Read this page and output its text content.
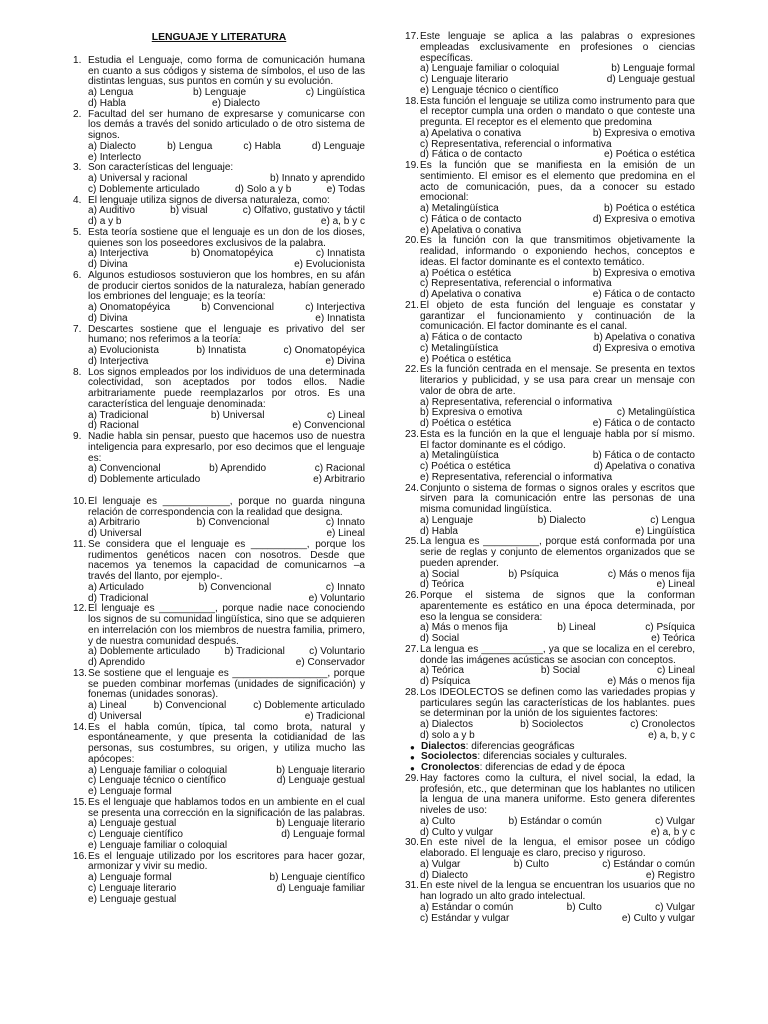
LENGUAJE Y LITERATURA
1. Estudia el Lenguaje, como forma de comunicación humana en cuanto a sus códigos y sistema de símbolos, el uso de las distintas lenguas, sus puntos en común y su evolución.
a) Lengua	b) Lenguaje	c) Lingüística
d) Habla	e) Dialecto
2. Facultad del ser humano de expresarse y comunicarse con los demás a través del sonido articulado o de otro sistema de signos.
a) Dialecto	b) Lengua	c) Habla	d) Lenguaje
e) Interlecto
3. Son características del lenguaje:
a) Universal y racional	b) Innato y aprendido
c) Doblemente articulado	d) Solo a y b	e) Todas
4. El lenguaje utiliza signos de diversa naturaleza, como:
a) Auditivo	b) visual	c) Olfativo, gustativo y táctil
d) a y b	e) a, b y c
5. Esta teoría sostiene que el lenguaje es un don de los dioses, quienes son los poseedores exclusivos de la palabra.
a) Interjectiva	b) Onomatopéyica	c) Innatista
d) Divina	e) Evolucionista
6. Algunos estudiosos sostuvieron que los hombres, en su afán de producir ciertos sonidos de la naturaleza, habían generado los embriones del lenguaje; es la teoría:
a) Onomatopéyica	b) Convencional	c) Interjectiva
d) Divina	e) Innatista
7. Descartes sostiene que el lenguaje es privativo del ser humano; nos referimos a la teoría:
a) Evolucionista	b) Innatista	c) Onomatopéyica
d) Interjectiva	e) Divina
8. Los signos empleados por los individuos de una determinada colectividad, son aceptados por todos ellos. Nadie arbitrariamente puede reemplazarlos por otros. Es una característica del lenguaje denominada:
a) Tradicional	b) Universal	c) Lineal
d) Racional	e) Convencional
9. Nadie habla sin pensar, puesto que hacemos uso de nuestra inteligencia para expresarlo, por eso decimos que el lenguaje es:
a) Convencional	b) Aprendido	c) Racional
d) Doblemente articulado	e) Arbitrario
10. El lenguaje es ____________, porque no guarda ninguna relación de correspondencia con la realidad que designa.
a) Arbitrario	b) Convencional	c) Innato
d) Universal	e) Lineal
11. Se considera que el lenguaje es __________, porque los rudimentos genéticos nacen con nosotros. Desde que nacemos ya tenemos la capacidad de comunicarnos –a través del llanto, por ejemplo-.
a) Articulado	b) Convencional	c) Innato
d) Tradicional	e) Voluntario
12. El lenguaje es __________, porque nadie nace conociendo los signos de su comunidad lingüística, sino que se adquieren en interrelación con los miembros de nuestra familia, primero, y de nuestra comunidad después.
a) Doblemente articulado b) Tradicional c) Voluntario
d) Aprendido	e) Conservador
13. Se sostiene que el lenguaje es _________________, porque se pueden combinar morfemas (unidades de significación) y fonemas (unidades sonoras).
a) Lineal	b) Convencional	c) Doblemente articulado
d) Universal	e) Tradicional
14. Es el habla común, típica, tal como brota, natural y espontáneamente, y que presenta la cotidianidad de las personas, sus costumbres, su origen, y utiliza mucho las apócopes:
a) Lenguaje familiar o coloquial	b) Lenguaje literario
c) Lenguaje técnico o científico	d) Lenguaje gestual
e) Lenguaje formal
15. Es el lenguaje que hablamos todos en un ambiente en el cual se presenta una corrección en la significación de las palabras.
a) Lenguaje gestual	b) Lenguaje literario
c) Lenguaje científico	d) Lenguaje formal
e) Lenguaje familiar o coloquial
16. Es el lenguaje utilizado por los escritores para hacer gozar, armonizar y vivir su medio.
a) Lenguaje formal	b) Lenguaje científico
c) Lenguaje literario	d) Lenguaje familiar
e) Lenguaje gestual
17. Este lenguaje se aplica a las palabras o expresiones empleadas exclusivamente en profesiones o ciencias específicas.
a) Lenguaje familiar o coloquial	b) Lenguaje formal
c) Lenguaje literario	d) Lenguaje gestual
e) Lenguaje técnico o científico
18. Esta función el lenguaje se utiliza como instrumento para que el receptor cumpla una orden o mandato o que conteste una pregunta. El receptor es el elemento que predomina
a) Apelativa o conativa	b) Expresiva o emotiva
c) Representativa, referencial o informativa
d) Fática o de contacto	e) Poética o estética
19. Es la función que se manifiesta en la emisión de un sentimiento. El emisor es el elemento que predomina en el acto de comunicación, pues, da a conocer su estado emocional:
a) Metalingüística	b) Poética o estética
c) Fática o de contacto	d) Expresiva o emotiva
e) Apelativa o conativa
20. Es la función con la que transmitimos objetivamente la realidad, informando o exponiendo hechos, conceptos e ideas. El factor dominante es el contexto temático.
a) Poética o estética	b) Expresiva o emotiva
c) Representativa, referencial o informativa
d) Apelativa o conativa	e) Fática o de contacto
21. El objeto de esta función del lenguaje es constatar y garantizar el funcionamiento y continuación de la comunicación. El factor dominante es el canal.
a) Fática o de contacto	b) Apelativa o conativa
c) Metalingüística	d) Expresiva o emotiva
e) Poética o estética
22. Es la función centrada en el mensaje. Se presenta en textos literarios y publicidad, y se usa para crear un mensaje con valor de obra de arte.
a) Representativa, referencial o informativa
b) Expresiva o emotiva	c) Metalingüística
d) Poética o estética	e) Fática o de contacto
23. Esta es la función en la que el lenguaje habla por sí mismo. El factor dominante es el código.
a) Metalingüística	b) Fática o de contacto
c) Poética o estética	d) Apelativa o conativa
e) Representativa, referencial o informativa
24. Conjunto o sistema de formas o signos orales y escritos que sirven para la comunicación entre las personas de una misma comunidad lingüística.
a) Lenguaje	b) Dialecto	c) Lengua
d) Habla	e) Lingüística
25. La lengua es __________, porque está conformada por una serie de reglas y conjunto de elementos organizados que se pueden aprender.
a) Social	b) Psíquica	c) Más o menos fija
d) Teórica	e) Lineal
26. Porque el sistema de signos que la conforman aparentemente es estático en una época determinada, por eso la lengua se considera:
a) Más o menos fija	b) Lineal	c) Psíquica
d) Social	e) Teórica
27. La lengua es ___________, ya que se localiza en el cerebro, donde las imágenes acústicas se asocian con conceptos.
a) Teórica	b) Social	c) Lineal
d) Psíquica	e) Más o menos fija
28. Los IDEOLECTOS se definen como las variedades propias y particulares según las características de los hablantes. pues se determinan por la unión de los siguientes factores:
a) Dialectos	b) Sociolectos	c) Cronolectos
d) solo a y b	e) a, b, y c
● Dialectos: diferencias geográficas
● Sociolectos: diferencias sociales y culturales.
● Cronolectos: diferencias de edad y de época
29. Hay factores como la cultura, el nivel social, la edad, la profesión, etc., que determinan que los hablantes no utilicen la lengua de una manera uniforme. Esto genera diferentes niveles de uso:
a) Culto	b) Estándar o común	c) Vulgar
d) Culto y vulgar	e) a, b y c
30. En este nivel de la lengua, el emisor posee un código elaborado. El lenguaje es claro, preciso y riguroso.
a) Vulgar	b) Culto	c) Estándar o común
d) Dialecto	e) Registro
31. En este nivel de la lengua se encuentran los usuarios que no han logrado un alto grado intelectual.
a) Estándar o común	b) Culto	c) Vulgar
c) Estándar y vulgar	e) Culto y vulgar
